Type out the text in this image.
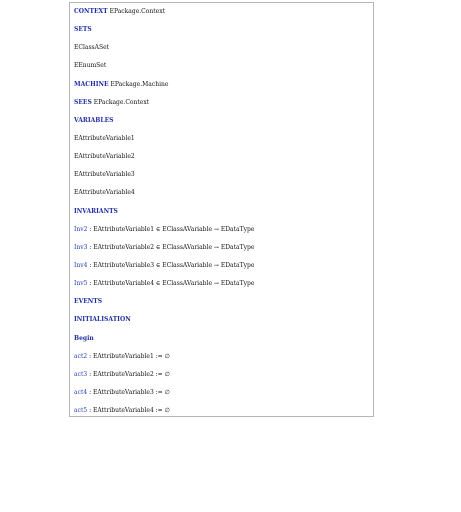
CONTEXT EPackage.Context
SETS
EClassASet
EEnumSet
MACHINE EPackage.Machine
SEES EPackage.Context
VARIABLES
EAttributeVariable1
EAttributeVariable2
EAttributeVariable3
EAttributeVariable4
INVARIANTS
Inv2 : EAttributeVariable1 ∈ EClassAVariable → EDataType
Inv3 : EAttributeVariable2 ∈ EClassAVariable → EDataType
Inv4 : EAttributeVariable3 ∈ EClassAVariable → EDataType
Inv5 : EAttributeVariable4 ∈ EClassAVariable → EDataType
EVENTS
INITIALISATION
Begin
act2 : EAttributeVariable1 := ∅
act3 : EAttributeVariable2 := ∅
act4 : EAttributeVariable3 := ∅
act5 : EAttributeVariable4 := ∅
